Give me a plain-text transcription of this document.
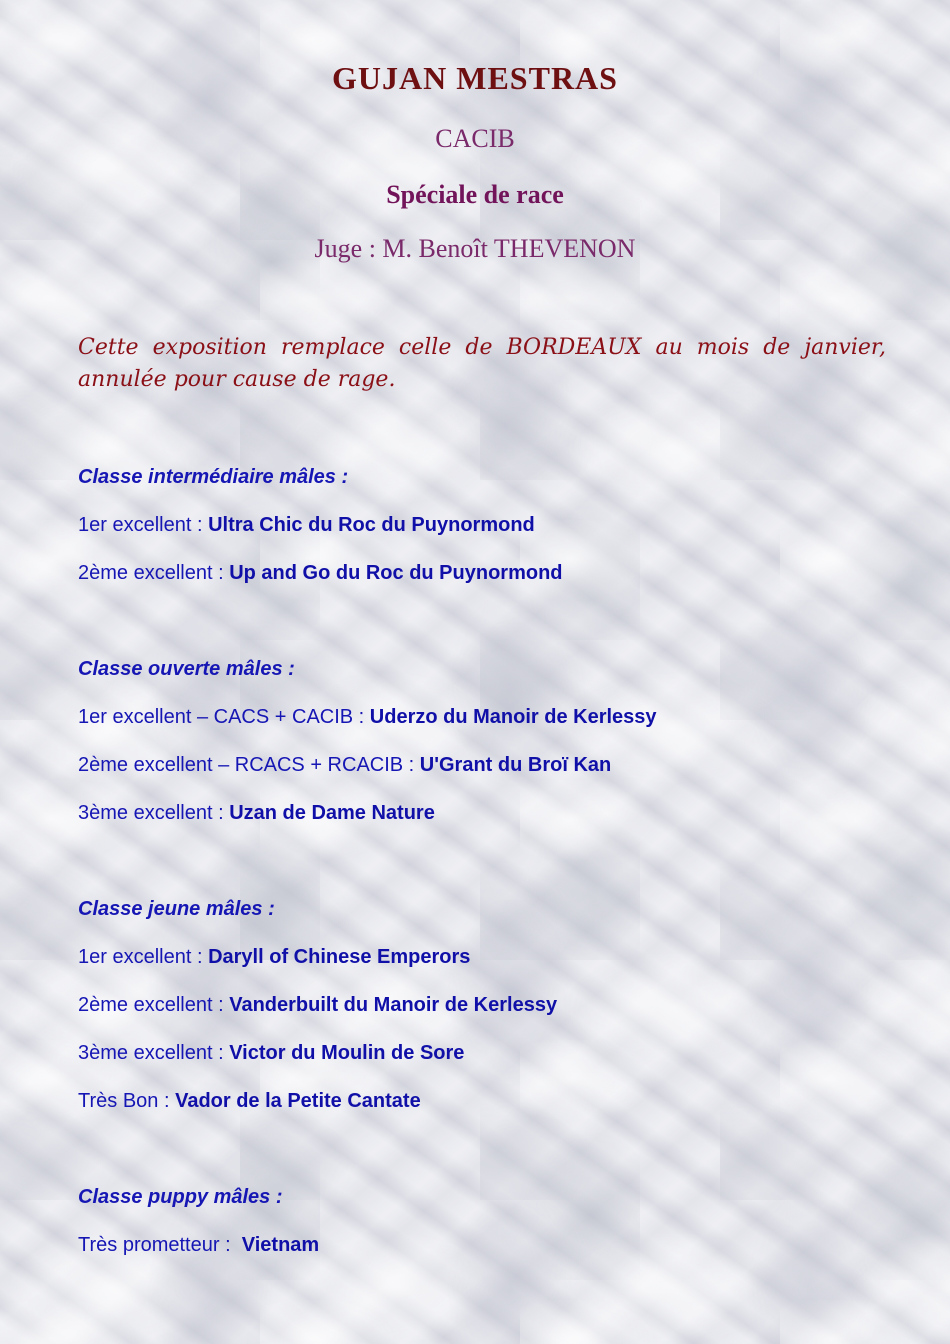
GUJAN MESTRAS

CACIB

Spéciale de race

Juge : M. Benoît THEVENON

Cette exposition remplace celle de BORDEAUX au mois de janvier, annulée pour cause de rage.

Classe intermédiaire mâles :

1er excellent : Ultra Chic du Roc du Puynormond

2ème excellent : Up and Go du Roc du Puynormond

Classe ouverte mâles :

1er excellent – CACS + CACIB : Uderzo du Manoir de Kerlessy

2ème excellent – RCACS + RCACIB : U'Grant du Broï Kan

3ème excellent : Uzan de Dame Nature

Classe jeune mâles :

1er excellent : Daryll of Chinese Emperors

2ème excellent : Vanderbuilt du Manoir de Kerlessy

3ème excellent : Victor du Moulin de Sore

Très Bon : Vador de la Petite Cantate

Classe puppy mâles :

Très prometteur :  Vietnam
